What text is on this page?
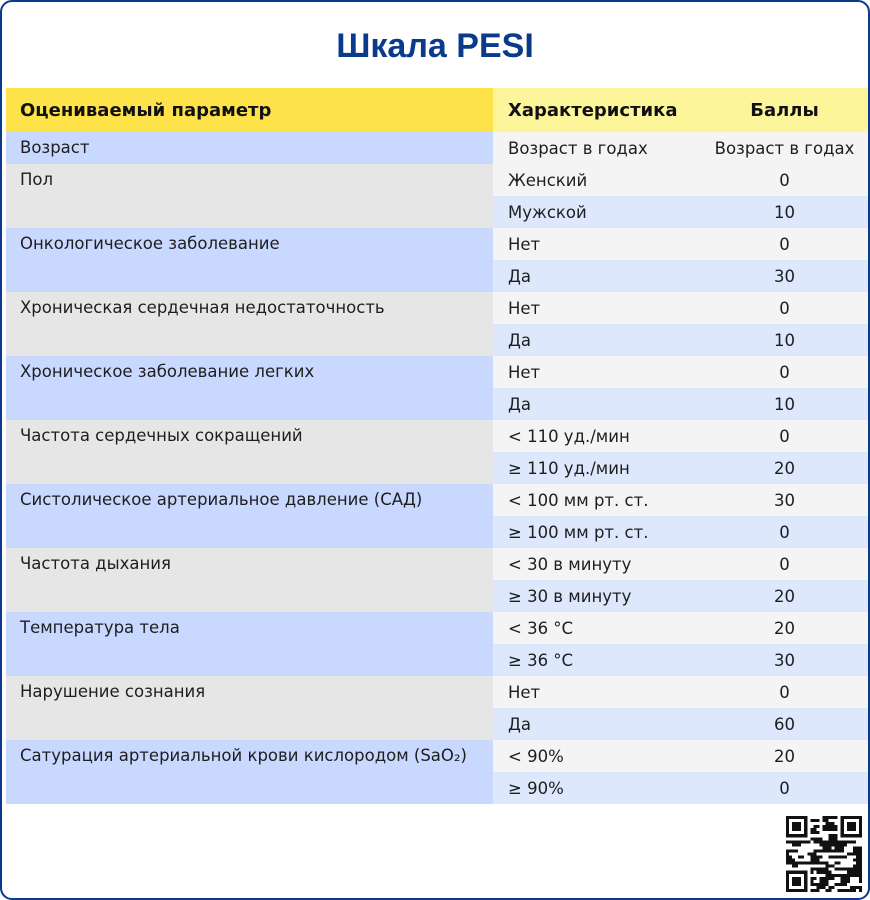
Шкала PESI
Оцениваемый параметр	Характеристика	Баллы
Возраст	Возраст в годах	Возраст в годах
Пол	Женский	0
Мужской	10
Онкологическое заболевание	Нет	0
Да	30
Хроническая сердечная недостаточность	Нет	0
Да	10
Хроническое заболевание легких	Нет	0
Да	10
Частота сердечных сокращений	< 110 уд./мин	0
≥ 110 уд./мин	20
Систолическое артериальное давление (САД)	< 100 мм рт. ст.	30
≥ 100 мм рт. ст.	0
Частота дыхания	< 30 в минуту	0
≥ 30 в минуту	20
Температура тела	< 36 °C	20
≥ 36 °C	30
Нарушение сознания	Нет	0
Да	60
Сатурация артериальной крови кислородом (SaO₂)	< 90%	20
≥ 90%	0
